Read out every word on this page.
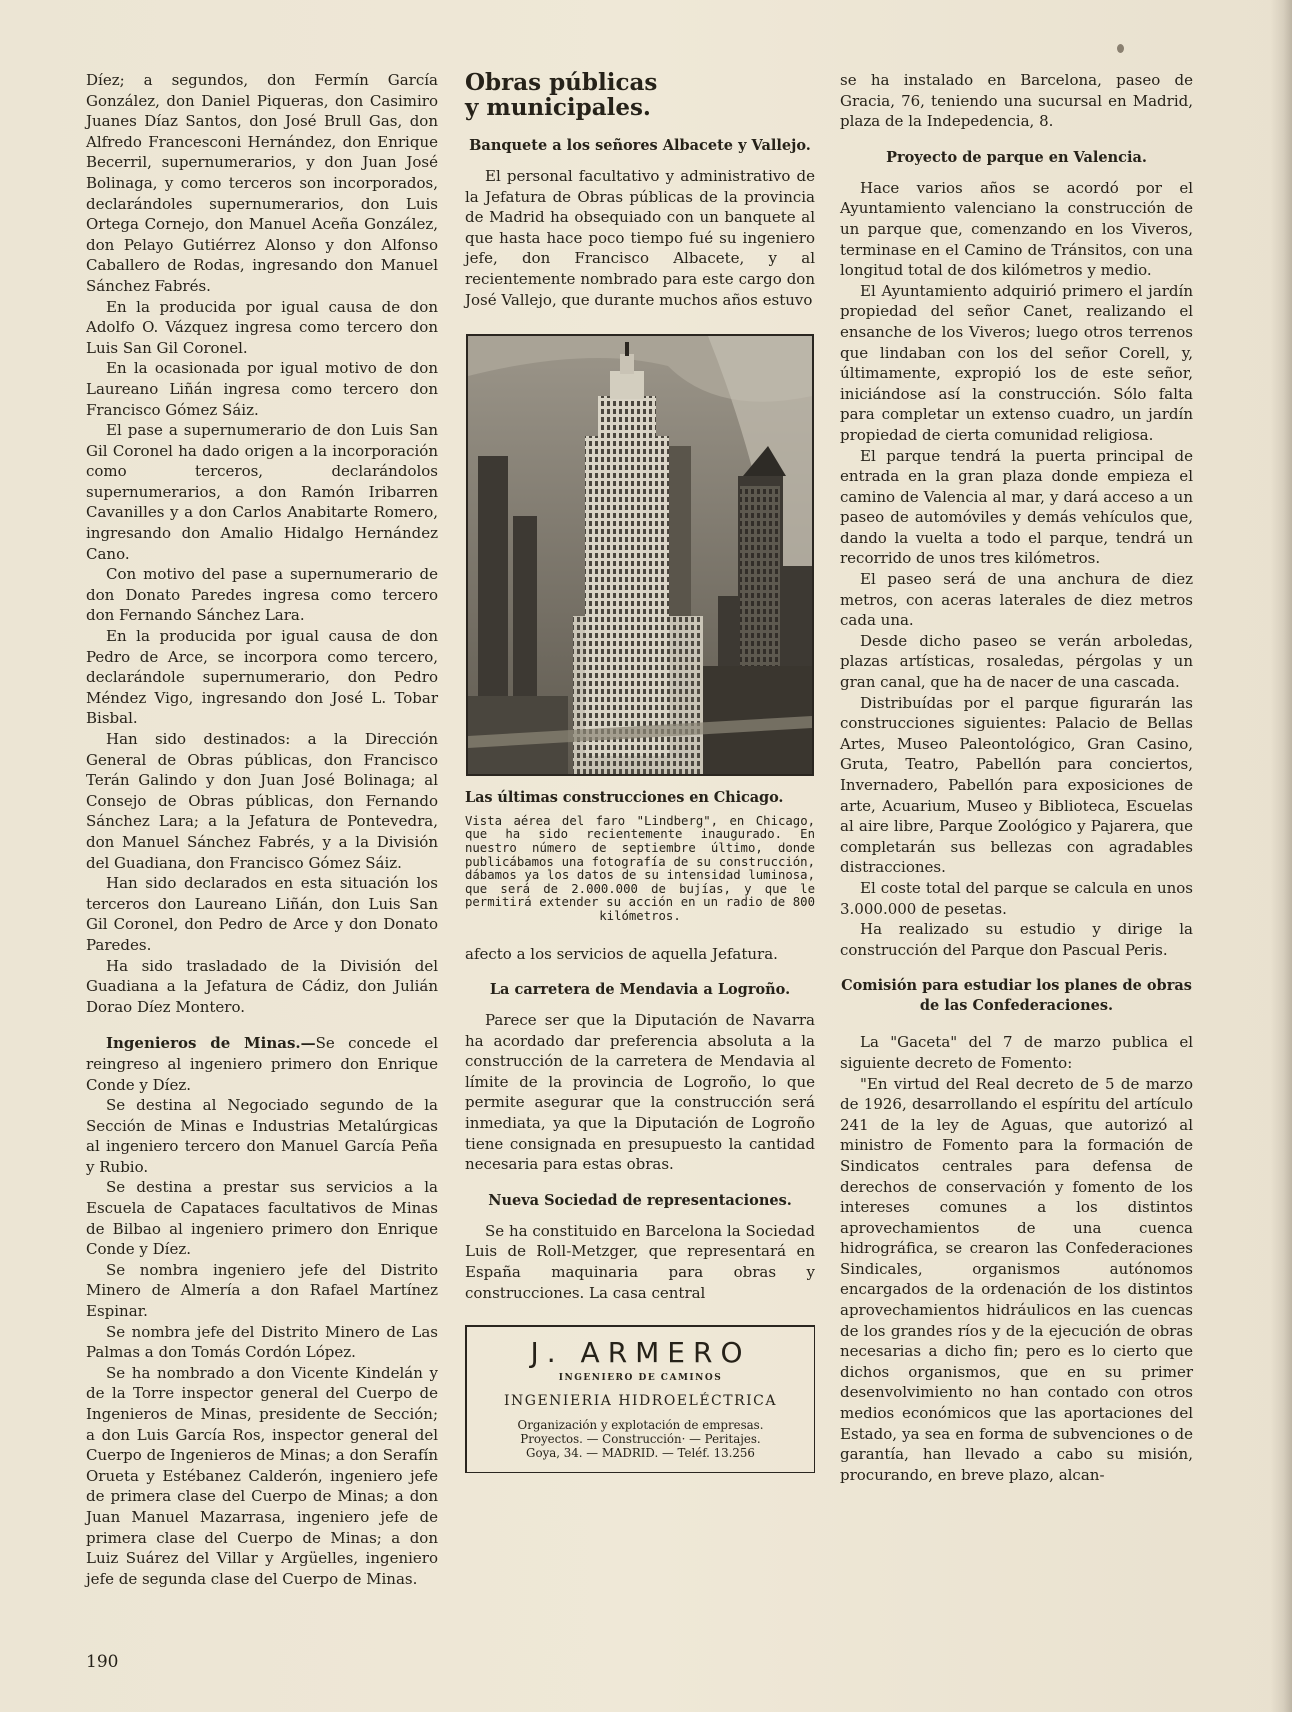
Díez; a segundos, don Fermín García González, don Daniel Piqueras, don Casimiro Juanes Díaz Santos, don José Brull Gas, don Alfredo Francesconi Hernández, don Enrique Becerril, supernumerarios, y don Juan José Bolinaga, y como terceros son incorporados, declarándoles supernumerarios, don Luis Ortega Cornejo, don Manuel Aceña González, don Pelayo Gutiérrez Alonso y don Alfonso Caballero de Rodas, ingresando don Manuel Sánchez Fabrés.

En la producida por igual causa de don Adolfo O. Vázquez ingresa como tercero don Luis San Gil Coronel.

En la ocasionada por igual motivo de don Laureano Liñán ingresa como tercero don Francisco Gómez Sáiz.

El pase a supernumerario de don Luis San Gil Coronel ha dado origen a la incorporación como terceros, declarándolos supernumerarios, a don Ramón Iribarren Cavanilles y a don Carlos Anabitarte Romero, ingresando don Amalio Hidalgo Hernández Cano.

Con motivo del pase a supernumerario de don Donato Paredes ingresa como tercero don Fernando Sánchez Lara.

En la producida por igual causa de don Pedro de Arce, se incorpora como tercero, declarándole supernumerario, don Pedro Méndez Vigo, ingresando don José L. Tobar Bisbal.

Han sido destinados: a la Dirección General de Obras públicas, don Francisco Terán Galindo y don Juan José Bolinaga; al Consejo de Obras públicas, don Fernando Sánchez Lara; a la Jefatura de Pontevedra, don Manuel Sánchez Fabrés, y a la División del Guadiana, don Francisco Gómez Sáiz.

Han sido declarados en esta situación los terceros don Laureano Liñán, don Luis San Gil Coronel, don Pedro de Arce y don Donato Paredes.

Ha sido trasladado de la División del Guadiana a la Jefatura de Cádiz, don Julián Dorao Díez Montero.

Ingenieros de Minas.—Se concede el reingreso al ingeniero primero don Enrique Conde y Díez.

Se destina al Negociado segundo de la Sección de Minas e Industrias Metalúrgicas al ingeniero tercero don Manuel García Peña y Rubio.

Se destina a prestar sus servicios a la Escuela de Capataces facultativos de Minas de Bilbao al ingeniero primero don Enrique Conde y Díez.

Se nombra ingeniero jefe del Distrito Minero de Almería a don Rafael Martínez Espinar.

Se nombra jefe del Distrito Minero de Las Palmas a don Tomás Cordón López.

Se ha nombrado a don Vicente Kindelán y de la Torre inspector general del Cuerpo de Ingenieros de Minas, presidente de Sección; a don Luis García Ros, inspector general del Cuerpo de Ingenieros de Minas; a don Serafín Orueta y Estébanez Calderón, ingeniero jefe de primera clase del Cuerpo de Minas; a don Juan Manuel Mazarrasa, ingeniero jefe de primera clase del Cuerpo de Minas; a don Luiz Suárez del Villar y Argüelles, ingeniero jefe de segunda clase del Cuerpo de Minas.

Obras públicas
y municipales.

Banquete a los señores Albacete y Vallejo.

El personal facultativo y administrativo de la Jefatura de Obras públicas de la provincia de Madrid ha obsequiado con un banquete al que hasta hace poco tiempo fué su ingeniero jefe, don Francisco Albacete, y al recientemente nombrado para este cargo don José Vallejo, que durante muchos años estuvo

Las últimas construcciones en Chicago.

Vista aérea del faro "Lindberg", en Chicago, que ha sido recientemente inaugurado. En nuestro número de septiembre último, donde publicábamos una fotografía de su construcción, dábamos ya los datos de su intensidad luminosa, que será de 2.000.000 de bujías, y que le permitirá extender su acción en un radio de 800 kilómetros.

afecto a los servicios de aquella Jefatura.

La carretera de Mendavia a Logroño.

Parece ser que la Diputación de Navarra ha acordado dar preferencia absoluta a la construcción de la carretera de Mendavia al límite de la provincia de Logroño, lo que permite asegurar que la construcción será inmediata, ya que la Diputación de Logroño tiene consignada en presupuesto la cantidad necesaria para estas obras.

Nueva Sociedad de representaciones.

Se ha constituido en Barcelona la Sociedad Luis de Roll-Metzger, que representará en España maquinaria para obras y construcciones. La casa central

J. ARMERO

INGENIERO DE CAMINOS

INGENIERIA HIDROELÉCTRICA

Organización y explotación de empresas.

Proyectos. — Construcción· — Peritajes.

Goya, 34. — MADRID. — Teléf. 13.256

se ha instalado en Barcelona, paseo de Gracia, 76, teniendo una sucursal en Madrid, plaza de la Indepedencia, 8.

Proyecto de parque en Valencia.

Hace varios años se acordó por el Ayuntamiento valenciano la construcción de un parque que, comenzando en los Viveros, terminase en el Camino de Tránsitos, con una longitud total de dos kilómetros y medio.

El Ayuntamiento adquirió primero el jardín propiedad del señor Canet, realizando el ensanche de los Viveros; luego otros terrenos que lindaban con los del señor Corell, y, últimamente, expropió los de este señor, iniciándose así la construcción. Sólo falta para completar un extenso cuadro, un jardín propiedad de cierta comunidad religiosa.

El parque tendrá la puerta principal de entrada en la gran plaza donde empieza el camino de Valencia al mar, y dará acceso a un paseo de automóviles y demás vehículos que, dando la vuelta a todo el parque, tendrá un recorrido de unos tres kilómetros.

El paseo será de una anchura de diez metros, con aceras laterales de diez metros cada una.

Desde dicho paseo se verán arboledas, plazas artísticas, rosaledas, pérgolas y un gran canal, que ha de nacer de una cascada.

Distribuídas por el parque figurarán las construcciones siguientes: Palacio de Bellas Artes, Museo Paleontológico, Gran Casino, Gruta, Teatro, Pabellón para conciertos, Invernadero, Pabellón para exposiciones de arte, Acuarium, Museo y Biblioteca, Escuelas al aire libre, Parque Zoológico y Pajarera, que completarán sus bellezas con agradables distracciones.

El coste total del parque se calcula en unos 3.000.000 de pesetas.

Ha realizado su estudio y dirige la construcción del Parque don Pascual Peris.

Comisión para estudiar los planes de obras de las Confederaciones.

La "Gaceta" del 7 de marzo publica el siguiente decreto de Fomento:

"En virtud del Real decreto de 5 de marzo de 1926, desarrollando el espíritu del artículo 241 de la ley de Aguas, que autorizó al ministro de Fomento para la formación de Sindicatos centrales para defensa de derechos de conservación y fomento de los intereses comunes a los distintos aprovechamientos de una cuenca hidrográfica, se crearon las Confederaciones Sindicales, organismos autónomos encargados de la ordenación de los distintos aprovechamientos hidráulicos en las cuencas de los grandes ríos y de la ejecución de obras necesarias a dicho fin; pero es lo cierto que dichos organismos, que en su primer desenvolvimiento no han contado con otros medios económicos que las aportaciones del Estado, ya sea en forma de subvenciones o de garantía, han llevado a cabo su misión, procurando, en breve plazo, alcan-

190
